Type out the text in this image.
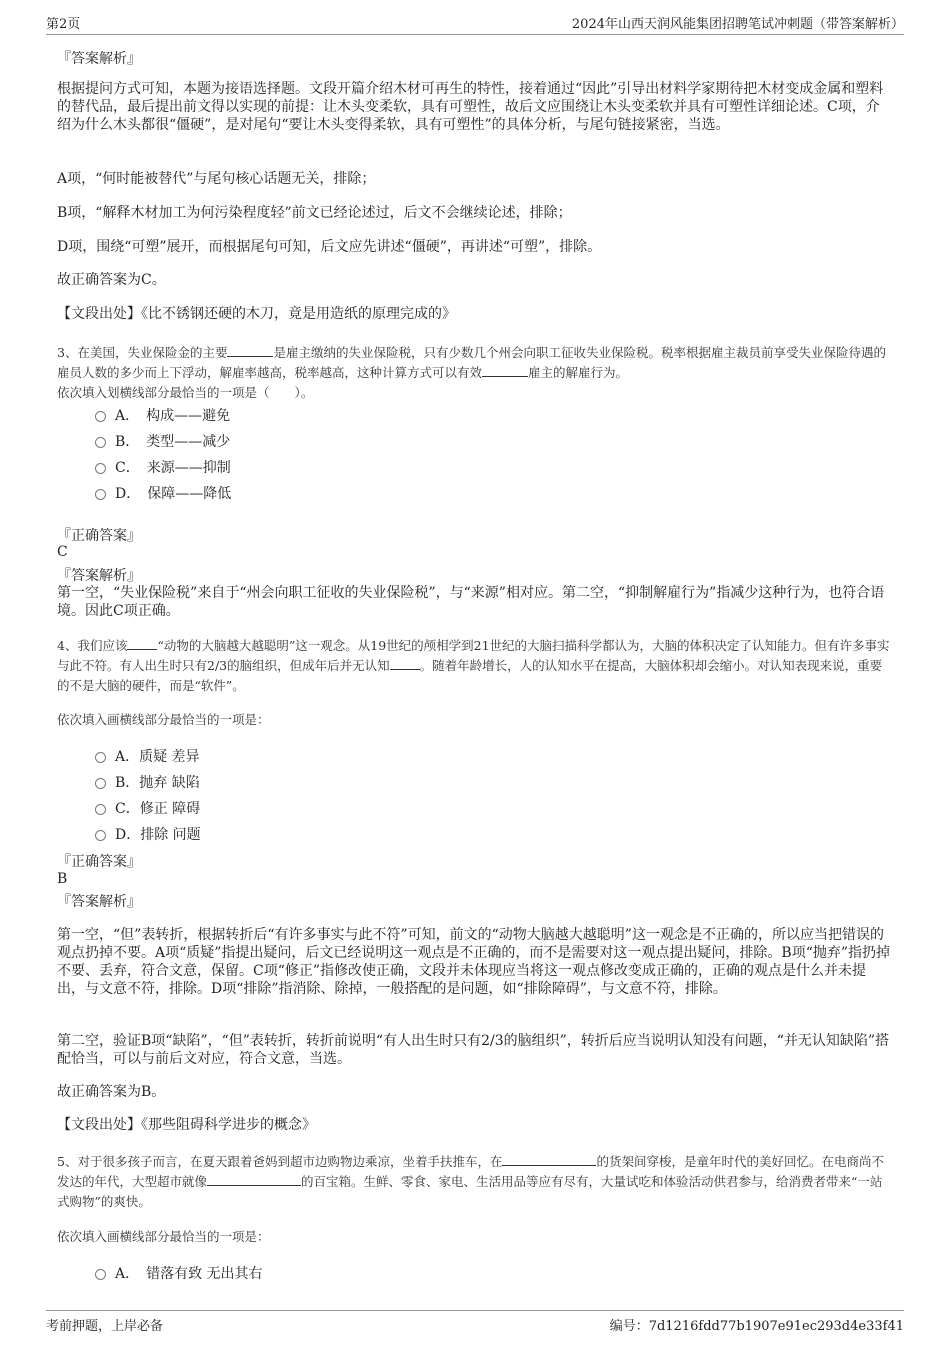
第2页	2024年山西天润风能集团招聘笔试冲刺题（带答案解析）
『答案解析』
根据提问方式可知，本题为接语选择题。文段开篇介绍木材可再生的特性，接着通过“因此”引导出材料学家期待把木材变成金属和塑料的替代品，最后提出前文得以实现的前提：让木头变柔软，具有可塑性，故后文应围绕让木头变柔软并具有可塑性详细论述。C项，介绍为什么木头都很“僵硬”，是对尾句“要让木头变得柔软，具有可塑性”的具体分析，与尾句链接紧密，当选。
A项，“何时能被替代”与尾句核心话题无关，排除；
B项，“解释木材加工为何污染程度轻”前文已经论述过，后文不会继续论述，排除；
D项，围绕“可塑”展开，而根据尾句可知，后文应先讲述“僵硬”，再讲述“可塑”，排除。
故正确答案为C。
【文段出处】《比不锈钢还硬的木刀，竟是用造纸的原理完成的》
3、在美国，失业保险金的主要	是雇主缴纳的失业保险税，只有少数几个州会向职工征收失业保险税。税率根据雇主裁员前享受失业保险待遇的雇员人数的多少而上下浮动，解雇率越高，税率越高，这种计算方式可以有效	雇主的解雇行为。
依次填入划横线部分最恰当的一项是（　　）。
A．　构成——避免
B．　类型——减少
C．　来源——抑制
D．　保障——降低
『正确答案』
C
『答案解析』
第一空，“失业保险税”来自于“州会向职工征收的失业保险税”，与“来源”相对应。第二空，“抑制解雇行为”指减少这种行为，也符合语境。因此C项正确。
4、我们应该 “动物的大脑越大越聪明”这一观念。从19世纪的颅相学到21世纪的大脑扫描科学都认为，大脑的体积决定了认知能力。但有许多事实与此不符。有人出生时只有2/3的脑组织，但成年后并无认知 。随着年龄增长，人的认知水平在提高，大脑体积却会缩小。对认知表现来说，重要的不是大脑的硬件，而是“软件”。
依次填入画横线部分最恰当的一项是：
A．质疑 差异
B．抛弃 缺陷
C．修正 障碍
D．排除 问题
『正确答案』
B
『答案解析』
第一空，“但”表转折，根据转折后“有许多事实与此不符”可知，前文的“动物大脑越大越聪明”这一观念是不正确的，所以应当把错误的观点扔掉不要。A项“质疑”指提出疑问，后文已经说明这一观点是不正确的，而不是需要对这一观点提出疑问，排除。B项“抛弃”指扔掉不要、丢弃，符合文意，保留。C项“修正”指修改使正确，文段并未体现应当将这一观点修改变成正确的，正确的观点是什么并未提出，与文意不符，排除。D项“排除”指消除、除掉，一般搭配的是问题，如“排除障碍”，与文意不符，排除。
第二空，验证B项“缺陷”，“但”表转折，转折前说明“有人出生时只有2/3的脑组织”，转折后应当说明认知没有问题，“并无认知缺陷”搭配恰当，可以与前后文对应，符合文意，当选。
故正确答案为B。
【文段出处】《那些阻碍科学进步的概念》
5、对于很多孩子而言，在夏天跟着爸妈到超市边购物边乘凉，坐着手扶推车，在	的货架间穿梭，是童年时代的美好回忆。在电商尚不发达的年代，大型超市就像	的百宝箱。生鲜、零食、家电、生活用品等应有尽有，大量试吃和体验活动供君参与，给消费者带来“一站式购物”的爽快。
依次填入画横线部分最恰当的一项是：
A．　错落有致 无出其右
考前押题，上岸必备	编号：7d1216fdd77b1907e91ec293d4e33f41
